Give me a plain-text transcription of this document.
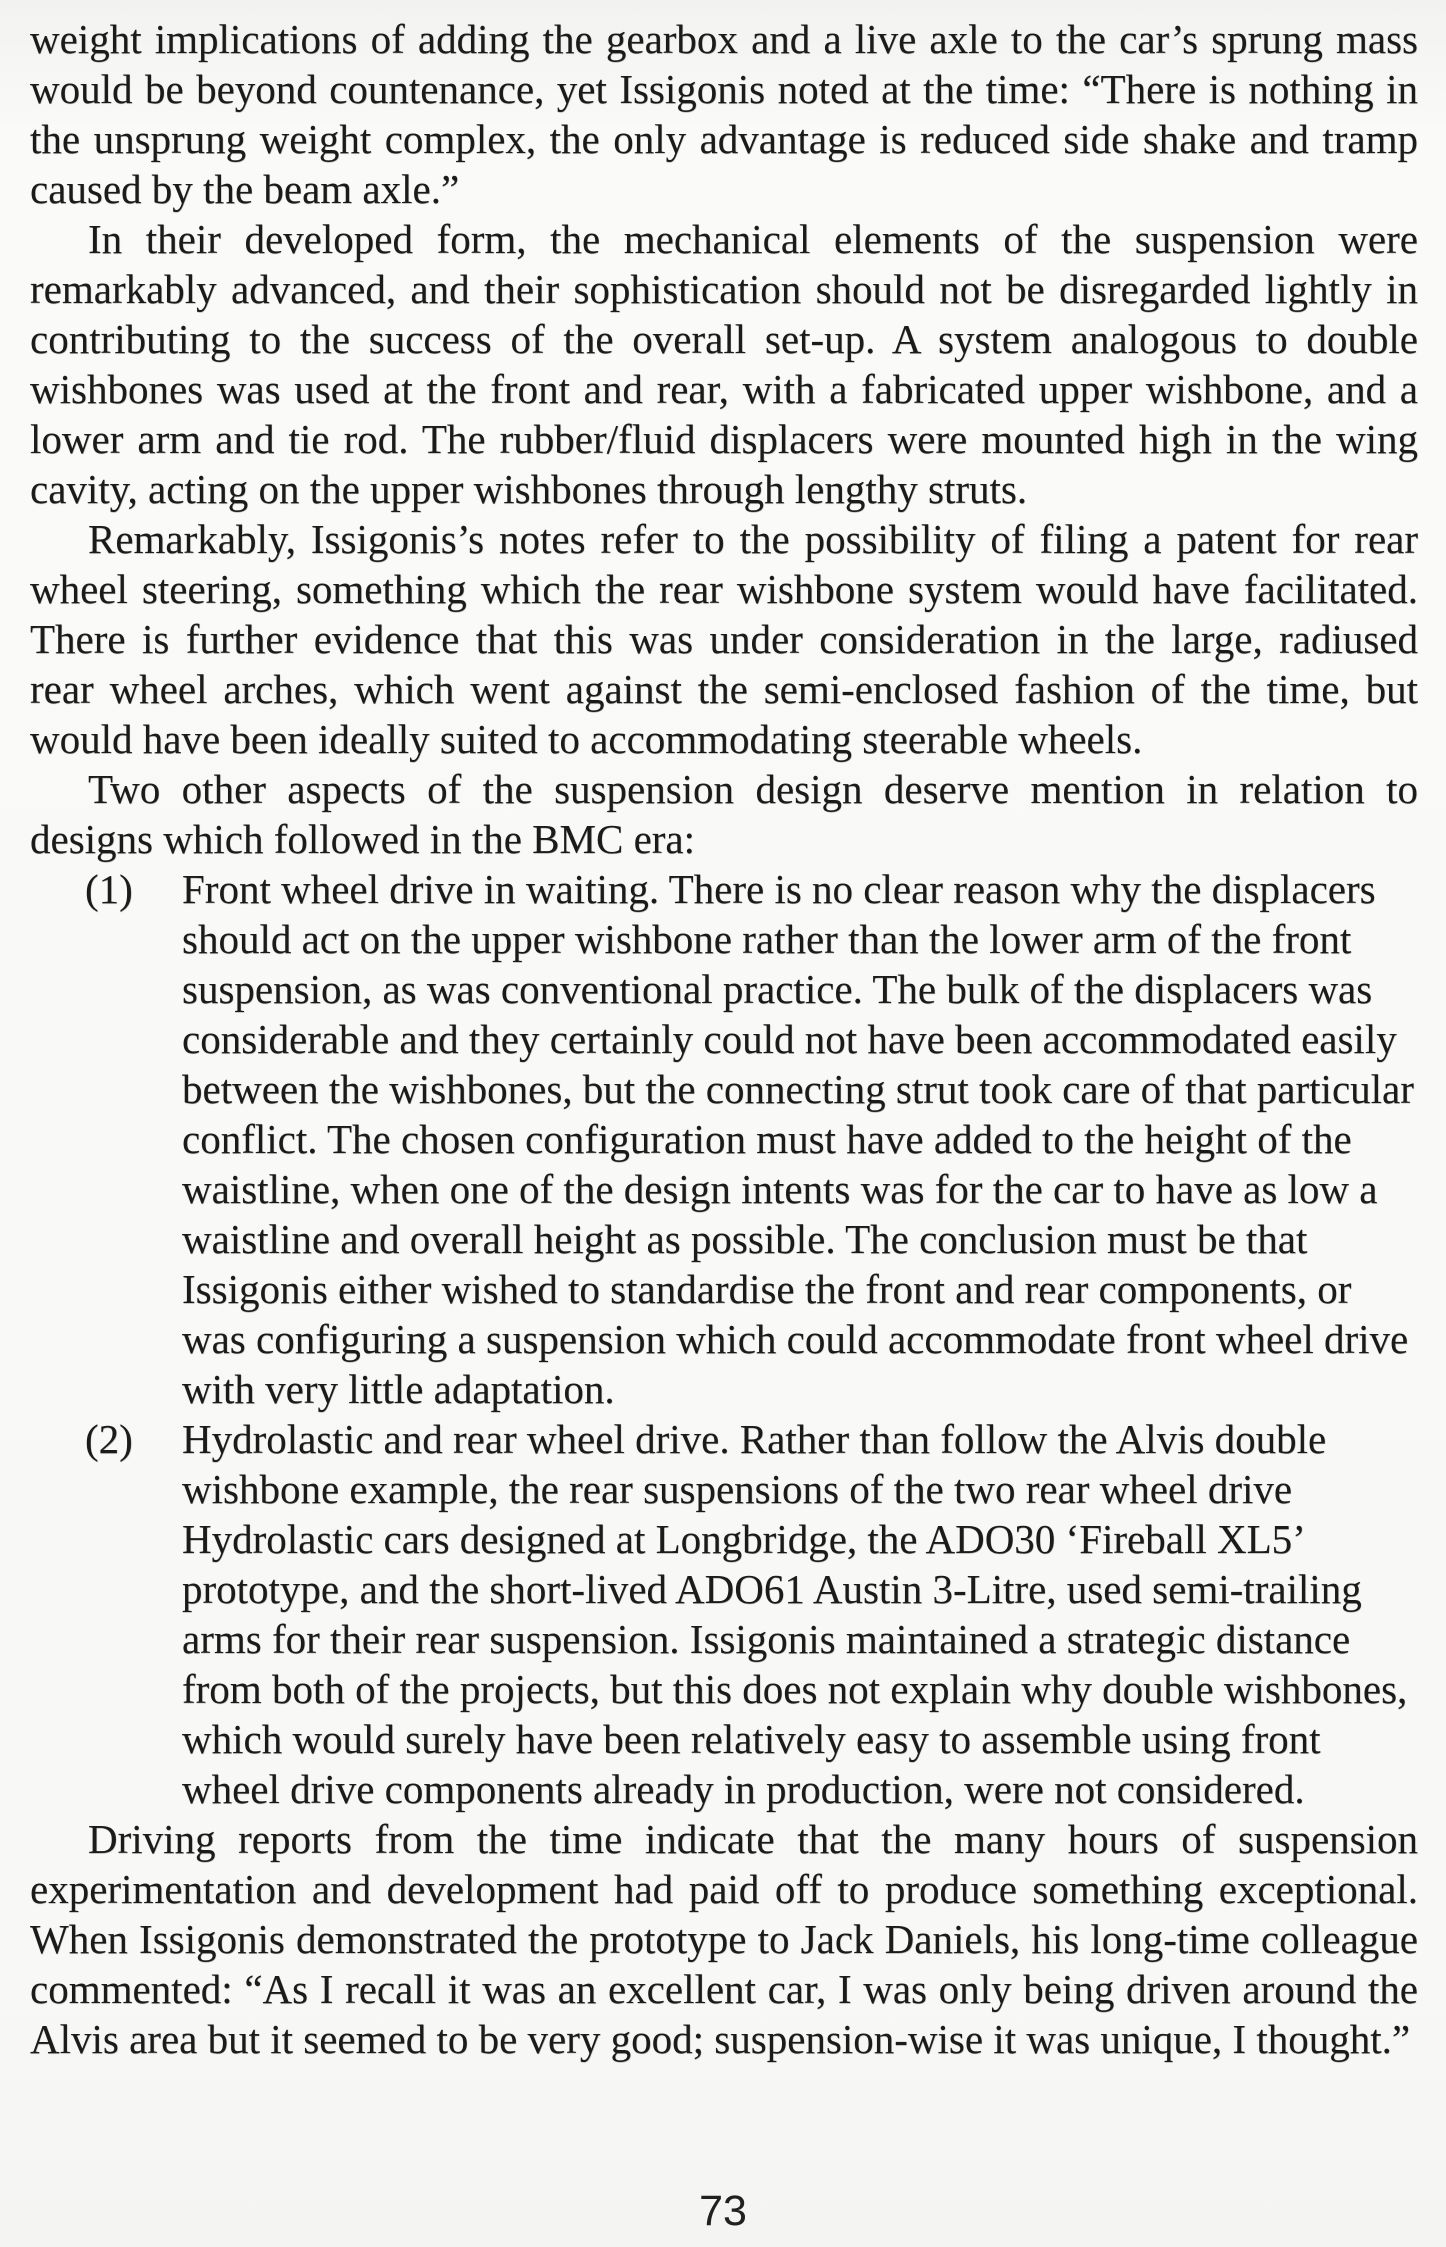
weight implications of adding the gearbox and a live axle to the car’s sprung mass would be beyond countenance, yet Issigonis noted at the time: “There is nothing in the unsprung weight complex, the only advantage is reduced side shake and tramp caused by the beam axle.”

In their developed form, the mechanical elements of the suspension were remarkably advanced, and their sophistication should not be disregarded lightly in contributing to the success of the overall set-up. A system analogous to double wishbones was used at the front and rear, with a fabricated upper wishbone, and a lower arm and tie rod. The rubber/fluid displacers were mounted high in the wing cavity, acting on the upper wishbones through lengthy struts.

Remarkably, Issigonis’s notes refer to the possibility of filing a patent for rear wheel steering, something which the rear wishbone system would have facilitated. There is further evidence that this was under consideration in the large, radiused rear wheel arches, which went against the semi-enclosed fashion of the time, but would have been ideally suited to accommodating steerable wheels.

Two other aspects of the suspension design deserve mention in relation to designs which followed in the BMC era:

(1) Front wheel drive in waiting. There is no clear reason why the displacers should act on the upper wishbone rather than the lower arm of the front suspension, as was conventional practice. The bulk of the displacers was considerable and they certainly could not have been accommodated easily between the wishbones, but the connecting strut took care of that particular conflict. The chosen configuration must have added to the height of the waistline, when one of the design intents was for the car to have as low a waistline and overall height as possible. The conclusion must be that Issigonis either wished to standardise the front and rear components, or was configuring a suspension which could accommodate front wheel drive with very little adaptation.

(2) Hydrolastic and rear wheel drive. Rather than follow the Alvis double wishbone example, the rear suspensions of the two rear wheel drive Hydrolastic cars designed at Longbridge, the ADO30 ‘Fireball XL5’ prototype, and the short-lived ADO61 Austin 3-Litre, used semi-trailing arms for their rear suspension. Issigonis maintained a strategic distance from both of the projects, but this does not explain why double wishbones, which would surely have been relatively easy to assemble using front wheel drive components already in production, were not considered.

Driving reports from the time indicate that the many hours of suspension experimentation and development had paid off to produce something exceptional. When Issigonis demonstrated the prototype to Jack Daniels, his long-time colleague commented: “As I recall it was an excellent car, I was only being driven around the Alvis area but it seemed to be very good; suspension-wise it was unique, I thought.”

73
